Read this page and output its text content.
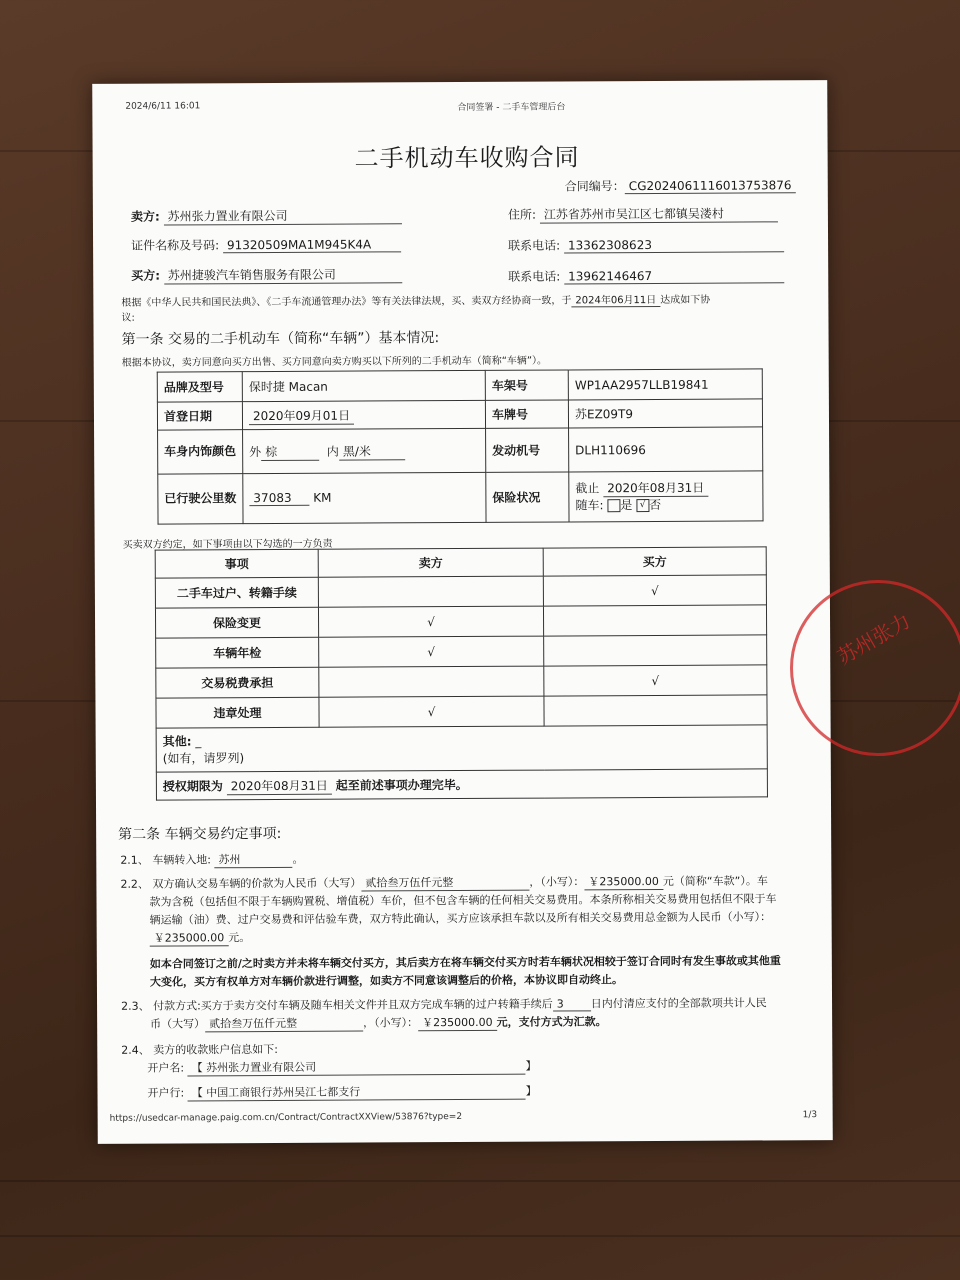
2024/6/11 16:01	合同签署 - 二手车管理后台
二手机动车收购合同
合同编号： CG2024061116013753876
卖方: 苏州张力置业有限公司	住所: 江苏省苏州市吴江区七都镇吴溇村
证件名称及号码: 91320509MA1M945K4A	联系电话: 13362308623
买方: 苏州捷骏汽车销售服务有限公司	联系电话: 13962146467
根据《中华人民共和国民法典》、《二手车流通管理办法》等有关法律法规，买、卖双方经协商一致，于 2024年06月11日 达成如下协
议:
第一条 交易的二手机动车（简称“车辆”）基本情况:
根据本协议，卖方同意向买方出售、买方同意向卖方购买以下所列的二手机动车（简称“车辆”）。
品牌及型号	保时捷 Macan	车架号	WP1AA2957LLB19841
首登日期	2020年09月01日	车牌号	苏EZ09T9
车身内饰颜色	外 棕 内 黑/米	发动机号	DLH110696
已行驶公里数	37083 KM	保险状况	截止 2020年08月31日
随车: 是 √ 否
买卖双方约定，如下事项由以下勾选的一方负责
事项	卖方	买方
二手车过户、转籍手续		√
保险变更	√	
车辆年检	√	
交易税费承担		√
违章处理	√	
其他: _
(如有，请罗列)		
授权期限为 2020年08月31日 起至前述事项办理完毕。		
第二条 车辆交易约定事项:
2.1、 车辆转入地: 苏州	。
2.2、 双方确认交易车辆的价款为人民币（大写） 贰拾叁万伍仟元整	，（小写）： ￥235000.00 元（简称“车款”）。车
款为含税（包括但不限于车辆购置税、增值税）车价，但不包含车辆的任何相关交易费用。本条所称相关交易费用包括但不限于车
辆运输（油）费、过户交易费和评估验车费，双方特此确认，买方应该承担车款以及所有相关交易费用总金额为人民币（小写）：
￥235000.00 元。
如本合同签订之前/之时卖方并未将车辆交付买方，其后卖方在将车辆交付买方时若车辆状况相较于签订合同时有发生事故或其他重
大变化，买方有权单方对车辆价款进行调整，如卖方不同意该调整后的价格，本协议即自动终止。
2.3、 付款方式:买方于卖方交付车辆及随车相关文件并且双方完成车辆的过户转籍手续后 3 日内付清应支付的全部款项共计人民
币（大写） 贰拾叁万伍仟元整	，（小写）： ￥235000.00 元，支付方式为汇款。
2.4、 卖方的收款账户信息如下:
开户名: 【 苏州张力置业有限公司	】
开户行: 【 中国工商银行苏州吴江七都支行	】
https://usedcar-manage.paig.com.cn/Contract/ContractXXView/53876?type=2	1/3
苏州张力
